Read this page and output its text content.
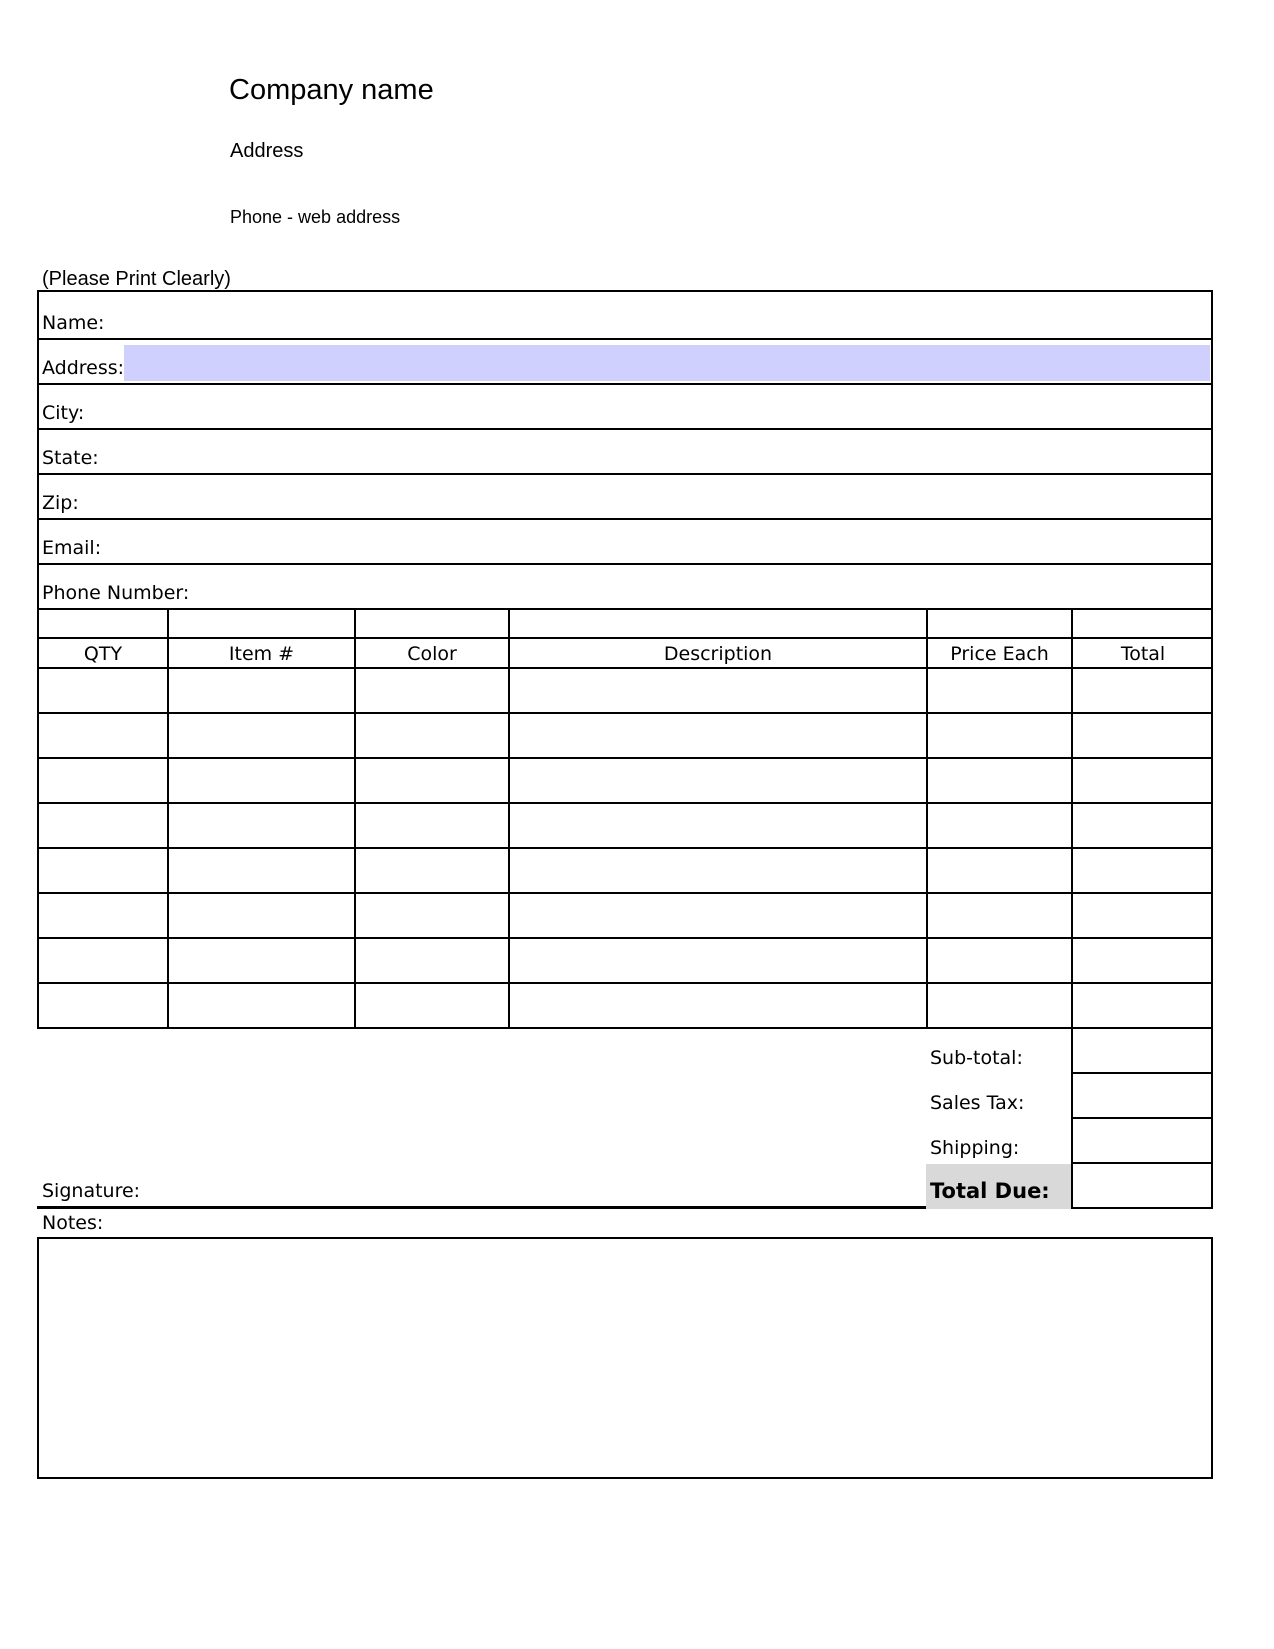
Company name
Address
Phone - web address
(Please Print Clearly)
Name:
Address:
City:
State:
Zip:
Email:
Phone Number:
QTY	Item #	Color	Description	Price Each	Total
Sub-total:
Sales Tax:
Shipping:
Total Due:
Signature:
Notes:
